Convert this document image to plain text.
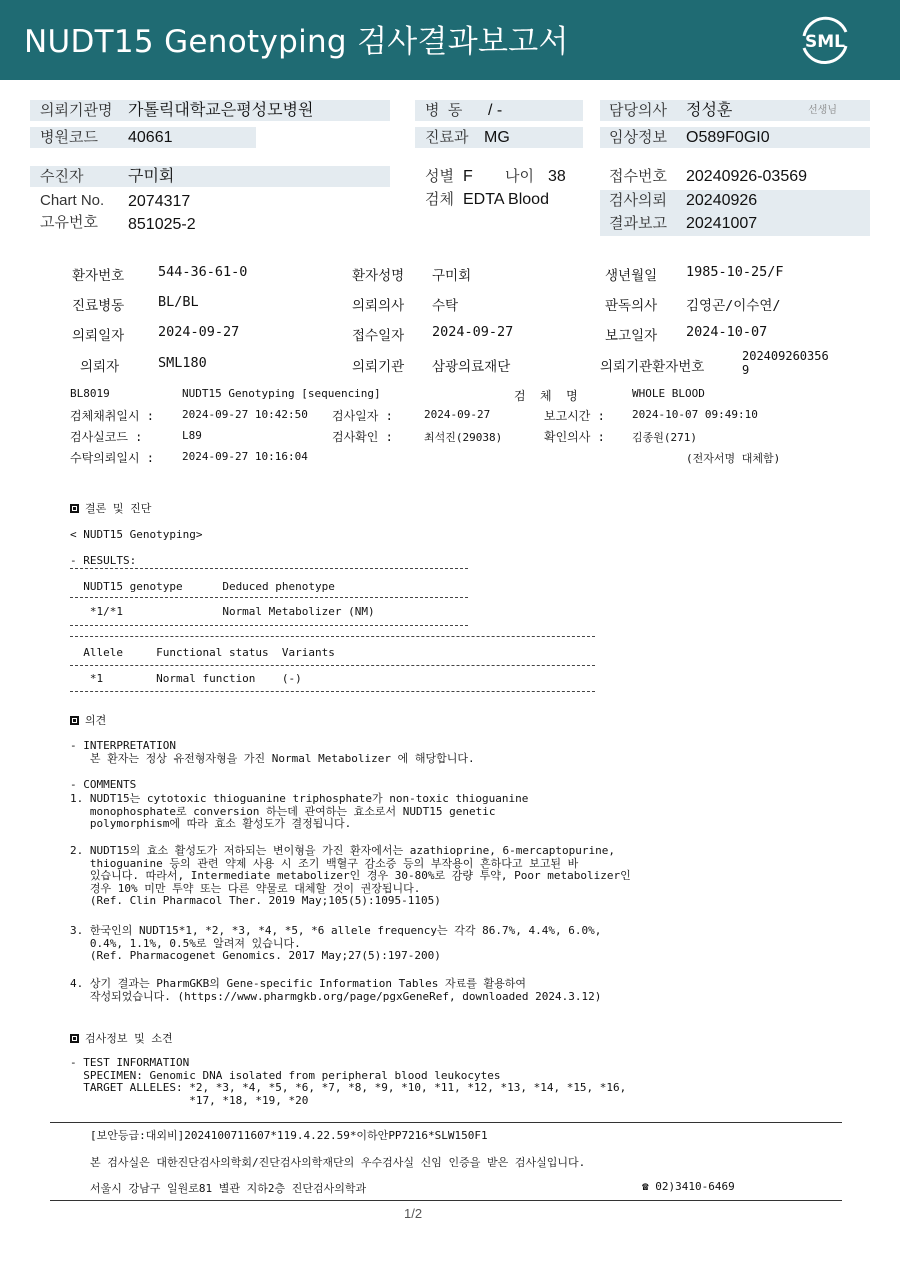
NUDT15 Genotyping 검사결과보고서	SML
의뢰기관명 가톨릭대학교은평성모병원
병원코드 40661
병  동 / -
진료과 MG
담당의사 정성훈	선생님
임상정보 O589F0GI0
수진자	구미회
Chart No. 2074317
고유번호 851025-2
성별 F 나이 38
검체 EDTA Blood
접수번호 20240926-03569
검사의뢰 20240926
결과보고 20241007
환자번호	544-36-61-0	환자성명 구미회	생년월일 1985-10-25/F
진료병동	BL/BL	의뢰의사 수탁	판독의사 김영곤/이수연/
의뢰일자	2024-09-27	접수일자 2024-09-27	보고일자 2024-10-07
의뢰자	SML180	의뢰기관 삼광의료재단	의뢰기관환자번호
202409260356
9
BL8019	NUDT15 Genotyping [sequencing]	검  체  명	WHOLE BLOOD
검체채취일시 :	2024-09-27 10:42:50 검사일자 :	2024-09-27	보고시간 : 2024-10-07 09:49:10
검사실코드 :	L89	검사확인 :	최석진(29038)	확인의사 : 김종원(271)
수탁의뢰일시 :	2024-09-27 10:16:04	(전자서명 대체함)
결론 및 진단
< NUDT15 Genotyping>
- RESULTS:
NUDT15 genotype      Deduced phenotype
*1/*1               Normal Metabolizer (NM)
Allele     Functional status  Variants
*1        Normal function    (-)
의견
- INTERPRETATION
본 환자는 정상 유전형자형을 가진 Normal Metabolizer 에 해당합니다.
- COMMENTS
1. NUDT15는 cytotoxic thioguanine triphosphate가 non-toxic thioguanine
monophosphate로 conversion 하는데 관여하는 효소로서 NUDT15 genetic
polymorphism에 따라 효소 활성도가 결정됩니다.
2. NUDT15의 효소 활성도가 저하되는 변이형을 가진 환자에서는 azathioprine, 6-mercaptopurine,
thioguanine 등의 관련 약제 사용 시 조기 백혈구 감소증 등의 부작용이 흔하다고 보고된 바
있습니다. 따라서, Intermediate metabolizer인 경우 30-80%로 감량 투약, Poor metabolizer인
경우 10% 미만 투약 또는 다른 약물로 대체할 것이 권장됩니다.
(Ref. Clin Pharmacol Ther. 2019 May;105(5):1095-1105)
3. 한국인의 NUDT15*1, *2, *3, *4, *5, *6 allele frequency는 각각 86.7%, 4.4%, 6.0%,
0.4%, 1.1%, 0.5%로 알려져 있습니다.
(Ref. Pharmacogenet Genomics. 2017 May;27(5):197-200)
4. 상기 결과는 PharmGKB의 Gene-specific Information Tables 자료를 활용하여
작성되었습니다. (https://www.pharmgkb.org/page/pgxGeneRef, downloaded 2024.3.12)
검사정보 및 소견
- TEST INFORMATION
SPECIMEN: Genomic DNA isolated from peripheral blood leukocytes
TARGET ALLELES: *2, *3, *4, *5, *6, *7, *8, *9, *10, *11, *12, *13, *14, *15, *16,
*17, *18, *19, *20
[보안등급:대외비]2024100711607*119.4.22.59*이하안PP7216*SLW150F1
본 검사실은 대한진단검사의학회/진단검사의학재단의 우수검사실 신임 인증을 받은 검사실입니다.
서울시 강남구 일원로81 별관 지하2층 진단검사의학과	☎ 02)3410-6469
1/2
